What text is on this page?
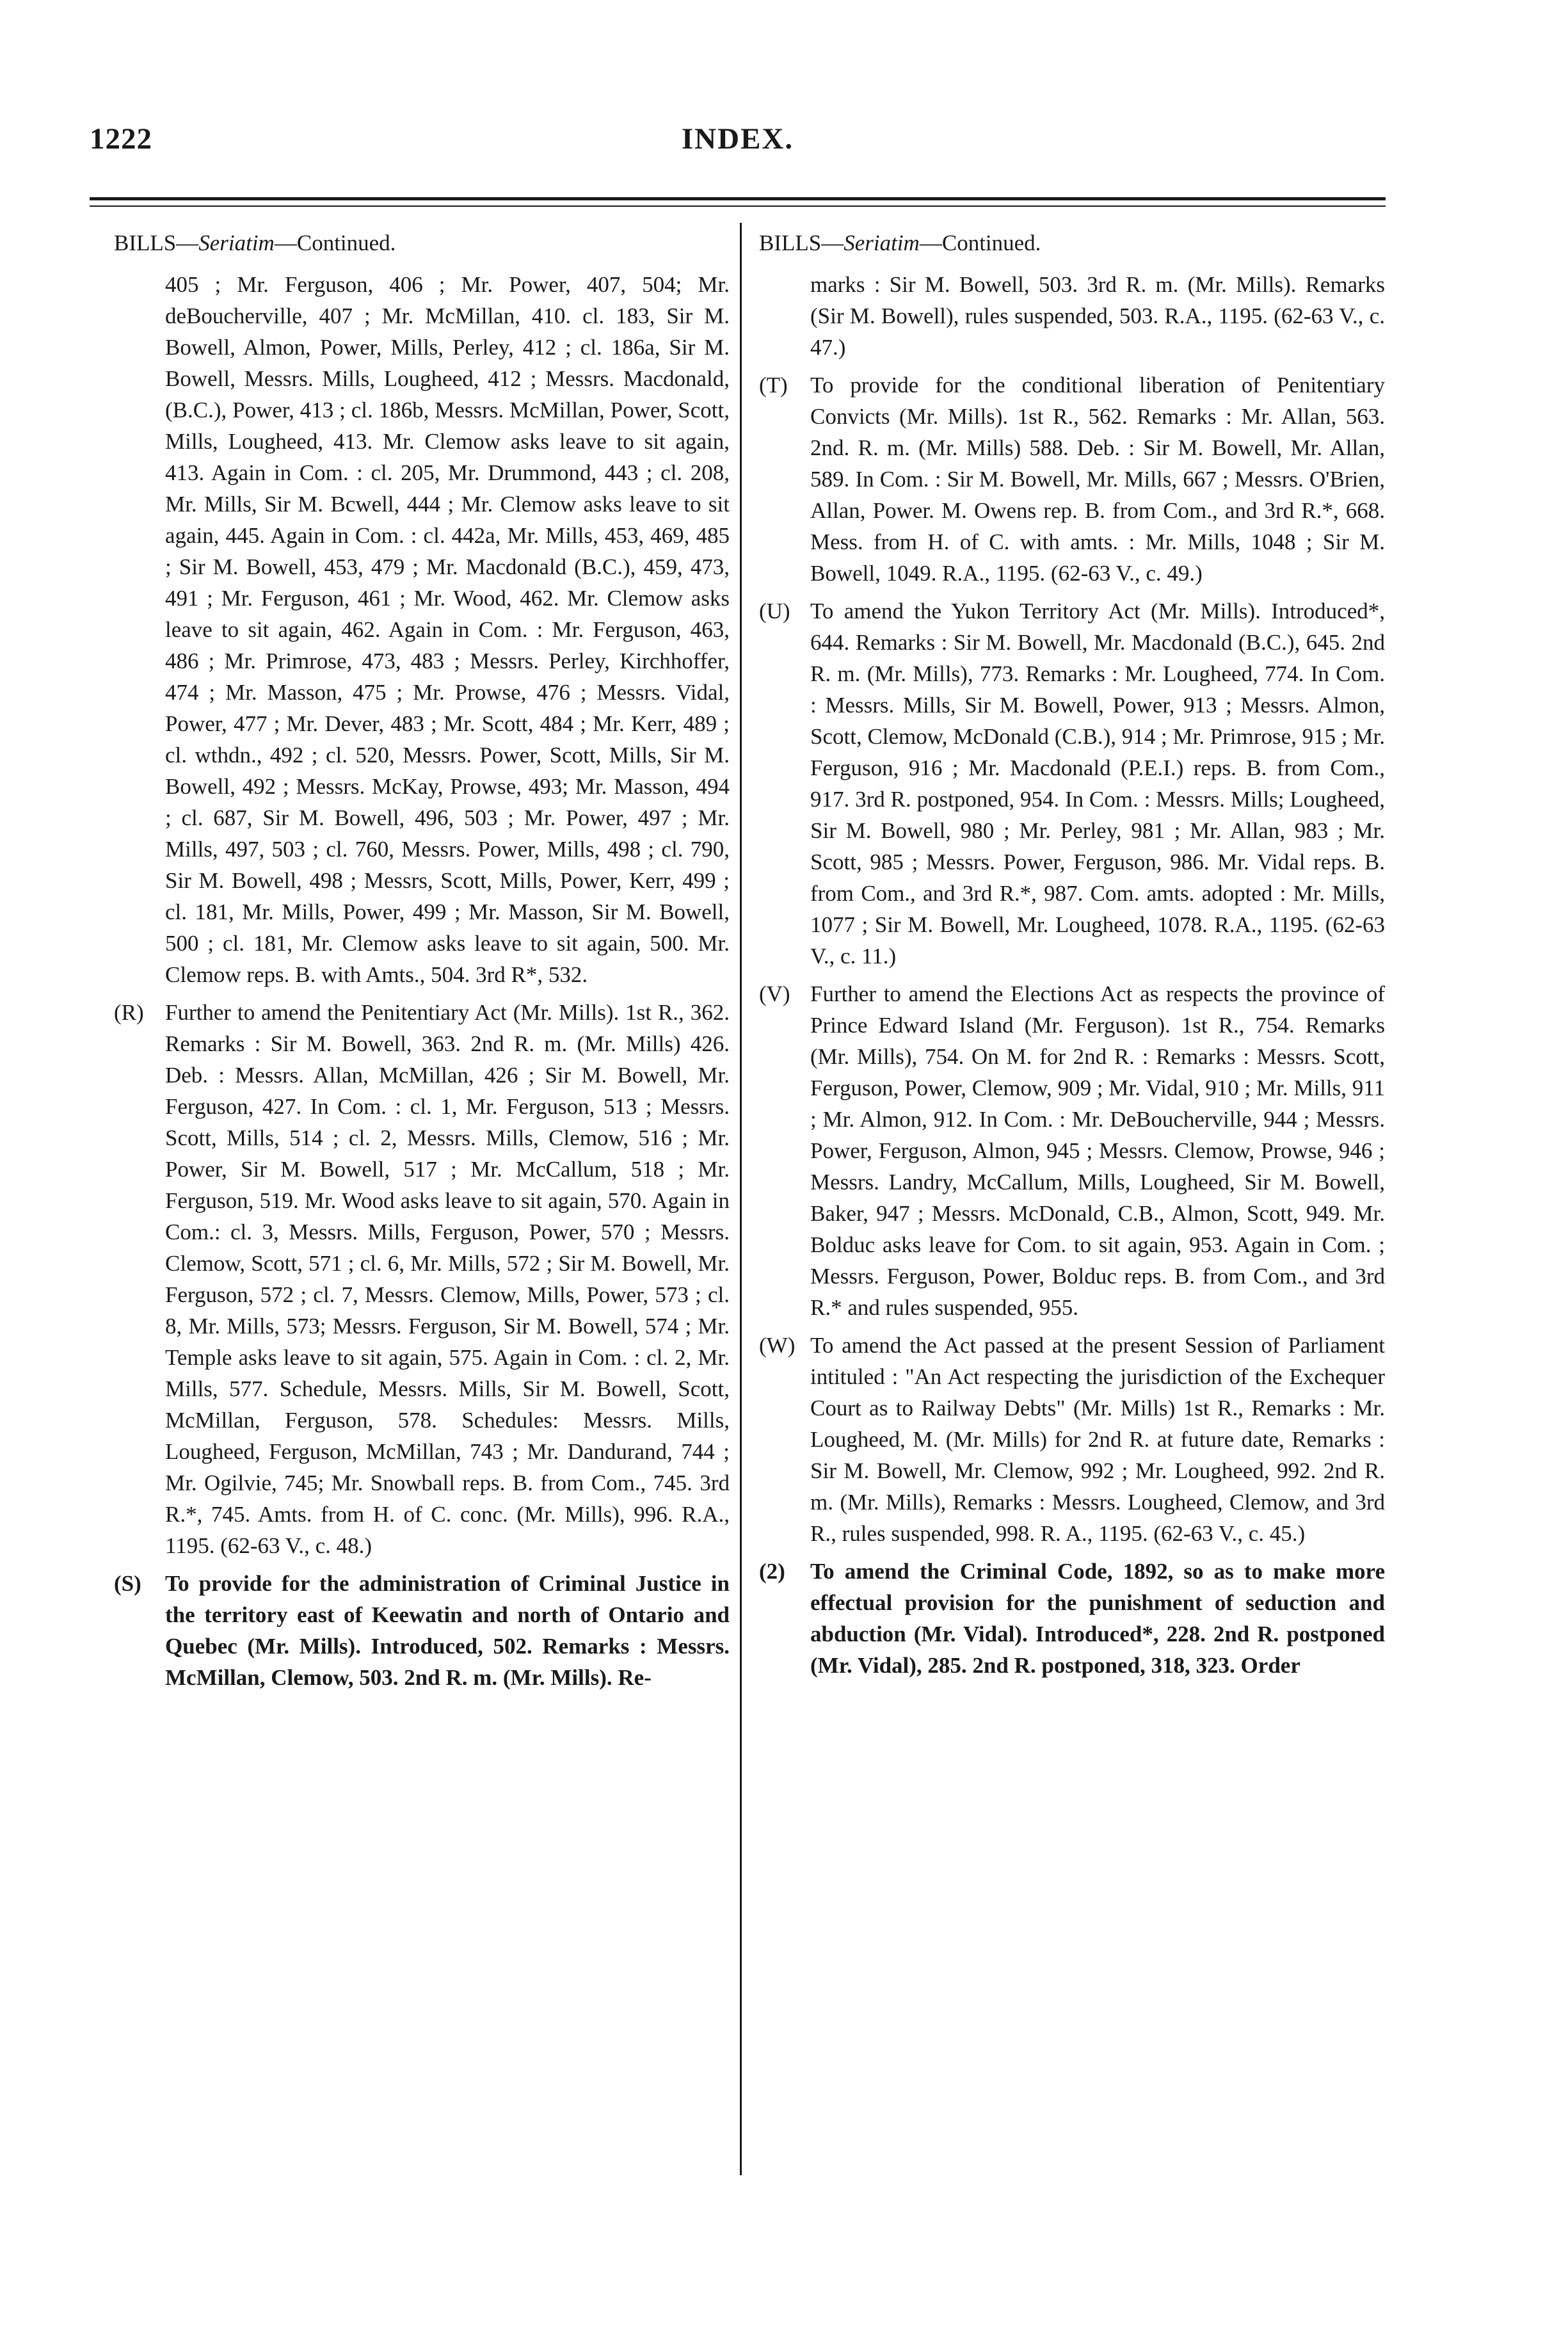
1222	INDEX.

BILLS—Seriatim—Continued.

405 ; Mr. Ferguson, 406 ; Mr. Power, 407, 504; Mr. deBoucherville, 407 ; Mr. McMillan, 410. cl. 183, Sir M. Bowell, Almon, Power, Mills, Perley, 412 ; cl. 186a, Sir M. Bowell, Messrs. Mills, Lougheed, 412 ; Messrs. Macdonald, (B.C.), Power, 413 ; cl. 186b, Messrs. McMillan, Power, Scott, Mills, Lougheed, 413. Mr. Clemow asks leave to sit again, 413. Again in Com. : cl. 205, Mr. Drummond, 443 ; cl. 208, Mr. Mills, Sir M. Bcwell, 444 ; Mr. Clemow asks leave to sit again, 445. Again in Com. : cl. 442a, Mr. Mills, 453, 469, 485 ; Sir M. Bowell, 453, 479 ; Mr. Macdonald (B.C.), 459, 473, 491 ; Mr. Ferguson, 461 ; Mr. Wood, 462. Mr. Clemow asks leave to sit again, 462. Again in Com. : Mr. Ferguson, 463, 486 ; Mr. Primrose, 473, 483 ; Messrs. Perley, Kirchhoffer, 474 ; Mr. Masson, 475 ; Mr. Prowse, 476 ; Messrs. Vidal, Power, 477 ; Mr. Dever, 483 ; Mr. Scott, 484 ; Mr. Kerr, 489 ; cl. wthdn., 492 ; cl. 520, Messrs. Power, Scott, Mills, Sir M. Bowell, 492 ; Messrs. McKay, Prowse, 493; Mr. Masson, 494 ; cl. 687, Sir M. Bowell, 496, 503 ; Mr. Power, 497 ; Mr. Mills, 497, 503 ; cl. 760, Messrs. Power, Mills, 498 ; cl. 790, Sir M. Bowell, 498 ; Messrs, Scott, Mills, Power, Kerr, 499 ; cl. 181, Mr. Mills, Power, 499 ; Mr. Masson, Sir M. Bowell, 500 ; cl. 181, Mr. Clemow asks leave to sit again, 500. Mr. Clemow reps. B. with Amts., 504. 3rd R*, 532.

(R) Further to amend the Penitentiary Act (Mr. Mills). 1st R., 362. Remarks : Sir M. Bowell, 363. 2nd R. m. (Mr. Mills) 426. Deb. : Messrs. Allan, McMillan, 426 ; Sir M. Bowell, Mr. Ferguson, 427. In Com. : cl. 1, Mr. Ferguson, 513 ; Messrs. Scott, Mills, 514 ; cl. 2, Messrs. Mills, Clemow, 516 ; Mr. Power, Sir M. Bowell, 517 ; Mr. McCallum, 518 ; Mr. Ferguson, 519. Mr. Wood asks leave to sit again, 570. Again in Com.: cl. 3, Messrs. Mills, Ferguson, Power, 570 ; Messrs. Clemow, Scott, 571 ; cl. 6, Mr. Mills, 572 ; Sir M. Bowell, Mr. Ferguson, 572 ; cl. 7, Messrs. Clemow, Mills, Power, 573 ; cl. 8, Mr. Mills, 573; Messrs. Ferguson, Sir M. Bowell, 574 ; Mr. Temple asks leave to sit again, 575. Again in Com. : cl. 2, Mr. Mills, 577. Schedule, Messrs. Mills, Sir M. Bowell, Scott, McMillan, Ferguson, 578. Schedules: Messrs. Mills, Lougheed, Ferguson, McMillan, 743 ; Mr. Dandurand, 744 ; Mr. Ogilvie, 745; Mr. Snowball reps. B. from Com., 745. 3rd R.*, 745. Amts. from H. of C. conc. (Mr. Mills), 996. R.A., 1195. (62-63 V., c. 48.)
(S) To provide for the administration of Criminal Justice in the territory east of Keewatin and north of Ontario and Quebec (Mr. Mills). Introduced, 502. Remarks : Messrs. McMillan, Clemow, 503. 2nd R. m. (Mr. Mills). Re-

BILLS—Seriatim—Continued.

marks : Sir M. Bowell, 503. 3rd R. m. (Mr. Mills). Remarks (Sir M. Bowell), rules suspended, 503. R.A., 1195. (62-63 V., c. 47.)

(T) To provide for the conditional liberation of Penitentiary Convicts (Mr. Mills). 1st R., 562. Remarks : Mr. Allan, 563. 2nd. R. m. (Mr. Mills) 588. Deb. : Sir M. Bowell, Mr. Allan, 589. In Com. : Sir M. Bowell, Mr. Mills, 667 ; Messrs. O'Brien, Allan, Power. M. Owens rep. B. from Com., and 3rd R.*, 668. Mess. from H. of C. with amts. : Mr. Mills, 1048 ; Sir M. Bowell, 1049. R.A., 1195. (62-63 V., c. 49.)
(U) To amend the Yukon Territory Act (Mr. Mills). Introduced*, 644. Remarks : Sir M. Bowell, Mr. Macdonald (B.C.), 645. 2nd R. m. (Mr. Mills), 773. Remarks : Mr. Lougheed, 774. In Com. : Messrs. Mills, Sir M. Bowell, Power, 913 ; Messrs. Almon, Scott, Clemow, McDonald (C.B.), 914 ; Mr. Primrose, 915 ; Mr. Ferguson, 916 ; Mr. Macdonald (P.E.I.) reps. B. from Com., 917. 3rd R. postponed, 954. In Com. : Messrs. Mills; Lougheed, Sir M. Bowell, 980 ; Mr. Perley, 981 ; Mr. Allan, 983 ; Mr. Scott, 985 ; Messrs. Power, Ferguson, 986. Mr. Vidal reps. B. from Com., and 3rd R.*, 987. Com. amts. adopted : Mr. Mills, 1077 ; Sir M. Bowell, Mr. Lougheed, 1078. R.A., 1195. (62-63 V., c. 11.)
(V) Further to amend the Elections Act as respects the province of Prince Edward Island (Mr. Ferguson). 1st R., 754. Remarks (Mr. Mills), 754. On M. for 2nd R. : Remarks : Messrs. Scott, Ferguson, Power, Clemow, 909 ; Mr. Vidal, 910 ; Mr. Mills, 911 ; Mr. Almon, 912. In Com. : Mr. DeBoucherville, 944 ; Messrs. Power, Ferguson, Almon, 945 ; Messrs. Clemow, Prowse, 946 ; Messrs. Landry, McCallum, Mills, Lougheed, Sir M. Bowell, Baker, 947 ; Messrs. McDonald, C.B., Almon, Scott, 949. Mr. Bolduc asks leave for Com. to sit again, 953. Again in Com. ; Messrs. Ferguson, Power, Bolduc reps. B. from Com., and 3rd R.* and rules suspended, 955.
(W) To amend the Act passed at the present Session of Parliament intituled : "An Act respecting the jurisdiction of the Exchequer Court as to Railway Debts" (Mr. Mills) 1st R., Remarks : Mr. Lougheed, M. (Mr. Mills) for 2nd R. at future date, Remarks : Sir M. Bowell, Mr. Clemow, 992 ; Mr. Lougheed, 992. 2nd R. m. (Mr. Mills), Remarks : Messrs. Lougheed, Clemow, and 3rd R., rules suspended, 998. R. A., 1195. (62-63 V., c. 45.)
(2) To amend the Criminal Code, 1892, so as to make more effectual provision for the punishment of seduction and abduction (Mr. Vidal). Introduced*, 228. 2nd R. postponed (Mr. Vidal), 285. 2nd R. postponed, 318, 323. Order
